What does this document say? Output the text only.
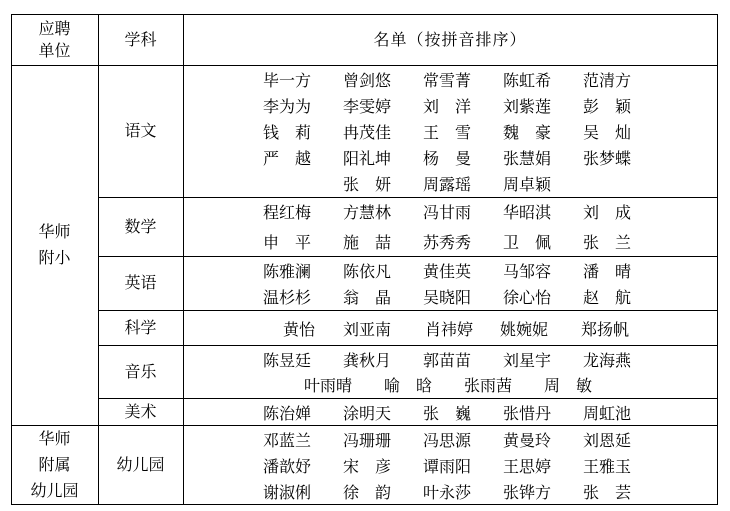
应聘
单位
学科	名单（按拼音排序）
华师
附小
华师
附属
幼儿园
语文
数学
英语
科学
音乐
美术
幼儿园
毕一方 曾剑悠 常雪菁 陈虹希 范清方
李为为 李雯婷 刘　洋 刘紫莲 彭　颖
钱　莉 冉茂佳 王　雪 魏　豪 吴　灿
严　越 阳礼坤 杨　曼 张慧娟 张梦蝶
张　妍 周露瑶 周卓颖
程红梅 方慧林 冯甘雨 华昭淇 刘　成
申　平 施　喆 苏秀秀 卫　佩 张　兰
陈雅澜 陈依凡 黄佳英 马邹容 潘　晴
温杉杉 翁　晶 吴晓阳 徐心怡 赵　航
黄怡 刘亚南 肖祎婷 姚婉妮 郑扬帆
陈昱廷 龚秋月 郭苗苗 刘星宇 龙海燕
叶雨晴 喻　晗 张雨茜 周　敏
陈治婵 涂明天 张　巍 张惜丹 周虹池
邓蓝兰 冯珊珊 冯思源 黄曼玲 刘恩延
潘歆妤 宋　彦 谭雨阳 王思婷 王雅玉
谢淑俐 徐　韵 叶永莎 张铧方 张　芸
